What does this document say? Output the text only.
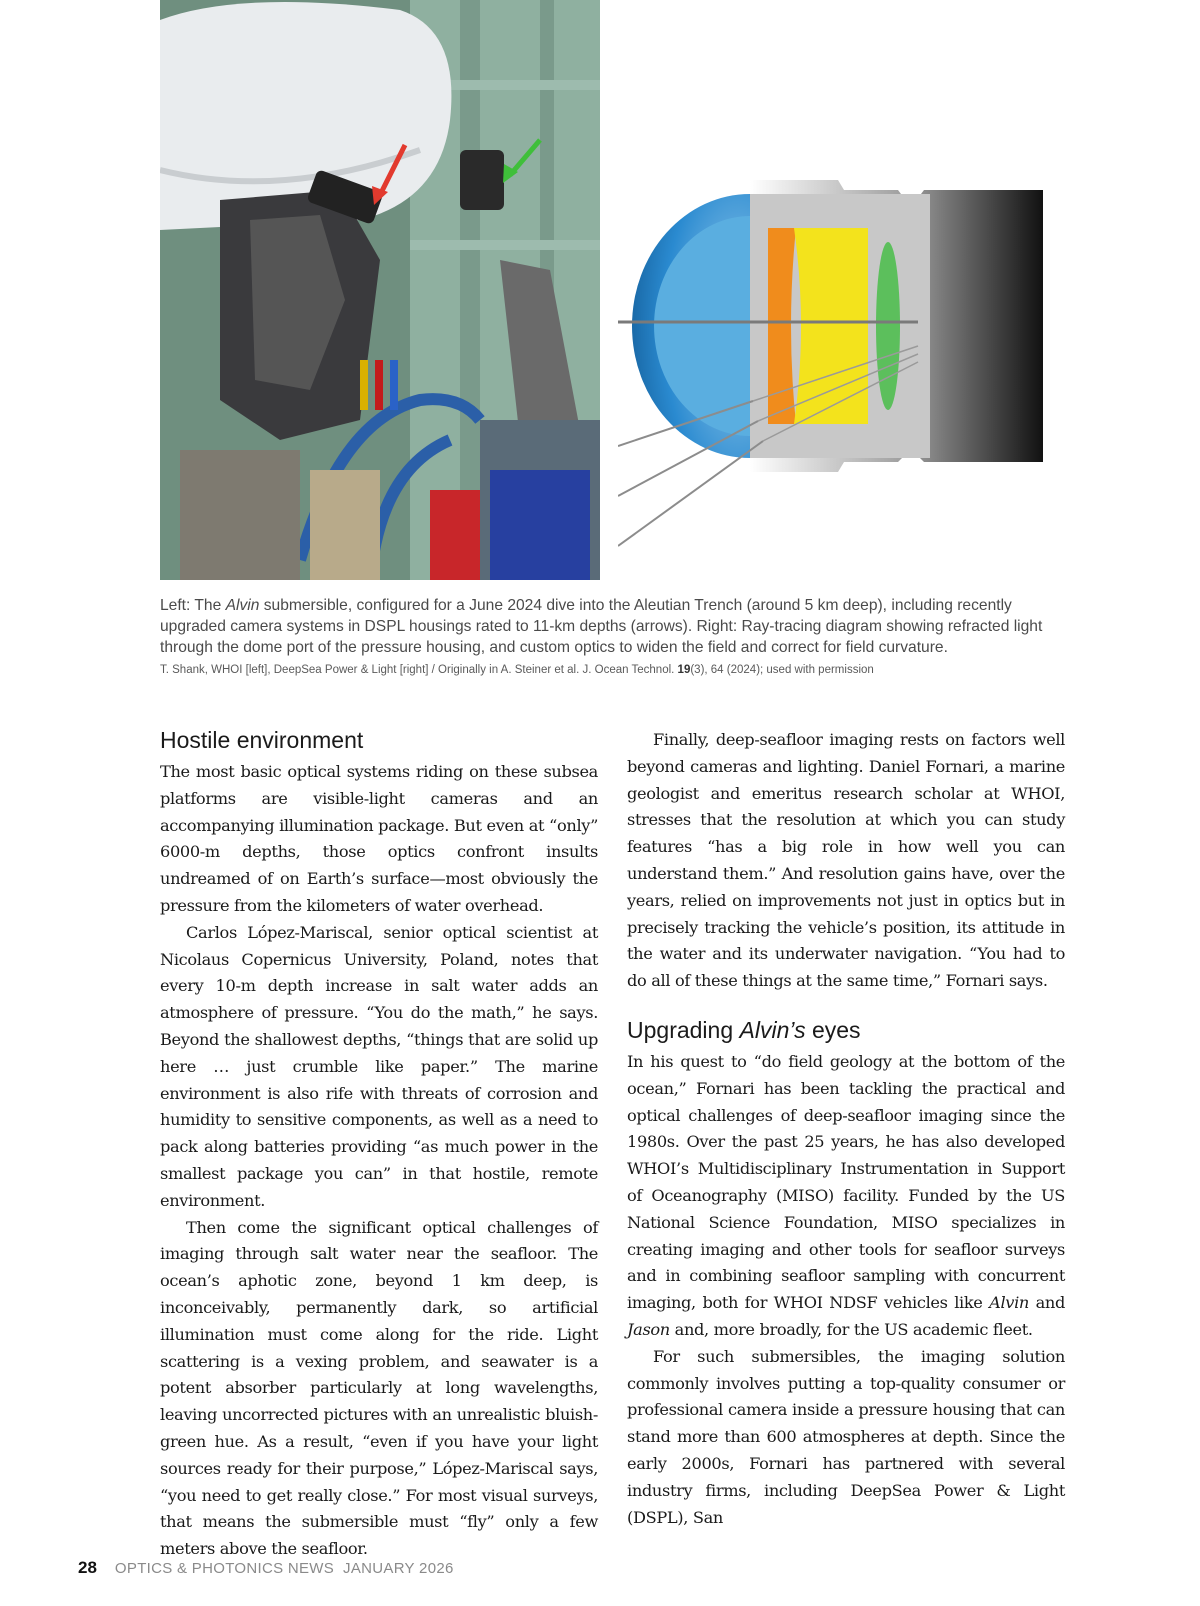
Left: The Alvin submersible, configured for a June 2024 dive into the Aleutian Trench (around 5 km deep), including recently upgraded camera systems in DSPL housings rated to 11-km depths (arrows). Right: Ray-tracing diagram showing refracted light through the dome port of the pressure housing, and custom optics to widen the field and correct for field curvature.

T. Shank, WHOI [left], DeepSea Power & Light [right] / Originally in A. Steiner et al. J. Ocean Technol. 19(3), 64 (2024); used with permission
Hostile environment

The most basic optical systems riding on these subsea platforms are visible-light cameras and an accompanying illumination package. But even at “only” 6000-m depths, those optics confront insults undreamed of on Earth’s surface—most obviously the pressure from the kilometers of water overhead.

Carlos López-Mariscal, senior optical scientist at Nicolaus Copernicus University, Poland, notes that every 10-m depth increase in salt water adds an atmosphere of pressure. “You do the math,” he says. Beyond the shallowest depths, “things that are solid up here … just crumble like paper.” The marine environment is also rife with threats of corrosion and humidity to sensitive components, as well as a need to pack along batteries providing “as much power in the smallest package you can” in that hostile, remote environment.

Then come the significant optical challenges of imaging through salt water near the seafloor. The ocean’s aphotic zone, beyond 1 km deep, is inconceivably, permanently dark, so artificial illumination must come along for the ride. Light scattering is a vexing problem, and seawater is a potent absorber particularly at long wavelengths, leaving uncorrected pictures with an unrealistic bluish-green hue. As a result, “even if you have your light sources ready for their purpose,” López-Mariscal says, “you need to get really close.” For most visual surveys, that means the submersible must “fly” only a few meters above the seafloor.

Finally, deep-seafloor imaging rests on factors well beyond cameras and lighting. Daniel Fornari, a marine geologist and emeritus research scholar at WHOI, stresses that the resolution at which you can study features “has a big role in how well you can understand them.” And resolution gains have, over the years, relied on improvements not just in optics but in precisely tracking the vehicle’s position, its attitude in the water and its underwater navigation. “You had to do all of these things at the same time,” Fornari says.

Upgrading Alvin’s eyes

In his quest to “do field geology at the bottom of the ocean,” Fornari has been tackling the practical and optical challenges of deep-seafloor imaging since the 1980s. Over the past 25 years, he has also developed WHOI’s Multidisciplinary Instrumentation in Support of Oceanography (MISO) facility. Funded by the US National Science Foundation, MISO specializes in creating imaging and other tools for seafloor surveys and in combining seafloor sampling with concurrent imaging, both for WHOI NDSF vehicles like Alvin and Jason and, more broadly, for the US academic fleet.

For such submersibles, the imaging solution commonly involves putting a top-quality consumer or professional camera inside a pressure housing that can stand more than 600 atmospheres at depth. Since the early 2000s, Fornari has partnered with several industry firms, including DeepSea Power & Light (DSPL), San

28 OPTICS & PHOTONICS NEWS JANUARY 2026
